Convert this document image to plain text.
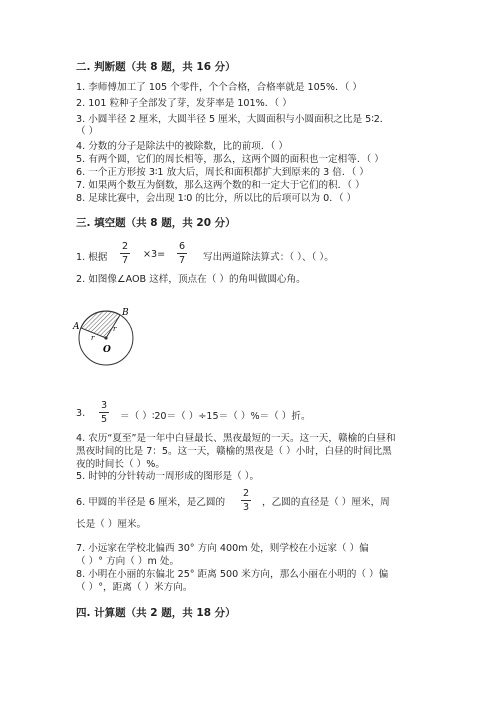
二. 判断题（共 8 题，共 16 分）
1. 李师傅加工了 105 个零件，个个合格，合格率就是 105%．（ ）
2. 101 粒种子全部发了芽，发芽率是 101%．（ ）
3. 小圆半径 2 厘米，大圆半径 5 厘米，大圆面积与小圆面积之比是 5∶2．
（ ）
4. 分数的分子是除法中的被除数，比的前项．（ ）
5. 有两个圆，它们的周长相等，那么，这两个圆的面积也一定相等．（ ）
6. 一个正方形按 3∶1 放大后，周长和面积都扩大到原来的 3 倍．（ ）
7. 如果两个数互为倒数，那么这两个数的和一定大于它们的积．（ ）
8. 足球比赛中，会出现 1∶0 的比分，所以比的后项可以为 0．（ ）
三. 填空题（共 8 题，共 20 分）
1. 根据
2
7
×3=
6
7	写出两道除法算式：（ ）、（ ）。
2. 如图像∠AOB 这样，顶点在（ ）的角叫做圆心角。
A
B
O
r
r
3.
3
5	＝（ ）∶20＝（ ）÷15＝（ ）%＝（ ）折。
4. 农历“夏至”是一年中白昼最长、黑夜最短的一天。这一天，赣榆的白昼和
黑夜时间的比是 7：5。这一天，赣榆的黑夜是（ ）小时，白昼的时间比黑
夜的时间长（ ）%。
5. 时钟的分针转动一周形成的图形是（ ）。
6. 甲圆的半径是 6 厘米，是乙圆的
2
3	，乙圆的直径是（ ）厘米，周
长是（ ）厘米。
7. 小远家在学校北偏西 30° 方向 400m 处，则学校在小远家（ ）偏
（ ）° 方向（ ）m 处。
8. 小明在小丽的东偏北 25° 距离 500 米方向，那么小丽在小明的（ ）偏
（ ）°，距离（ ）米方向。
四. 计算题（共 2 题，共 18 分）
